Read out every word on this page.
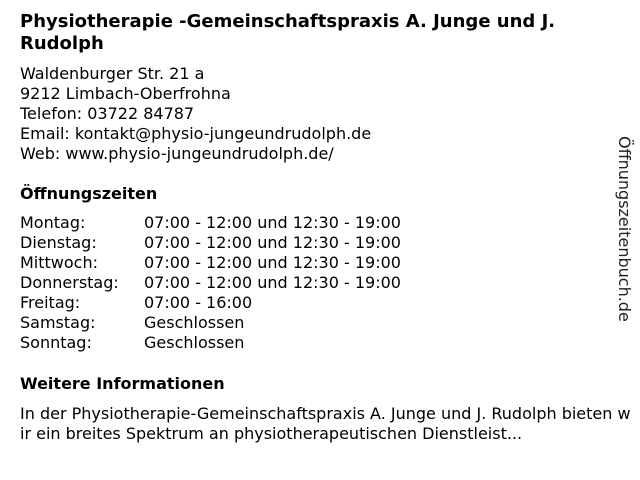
Physiotherapie -Gemeinschaftspraxis A. Junge und J. Rudolph
Waldenburger Str. 21 a
9212 Limbach-Oberfrohna
Telefon: 03722 84787
Email: kontakt@physio-jungeundrudolph.de
Web: www.physio-jungeundrudolph.de/
Öffnungszeiten
Montag:	07:00 - 12:00 und 12:30 - 19:00
Dienstag:	07:00 - 12:00 und 12:30 - 19:00
Mittwoch:	07:00 - 12:00 und 12:30 - 19:00
Donnerstag:	07:00 - 12:00 und 12:30 - 19:00
Freitag:	07:00 - 16:00
Samstag:	Geschlossen
Sonntag:	Geschlossen
Weitere Informationen
In der Physiotherapie-Gemeinschaftspraxis A. Junge und J. Rudolph bieten wir ein breites Spektrum an physiotherapeutischen Dienstleist...
Öffnungszeitenbuch.de
